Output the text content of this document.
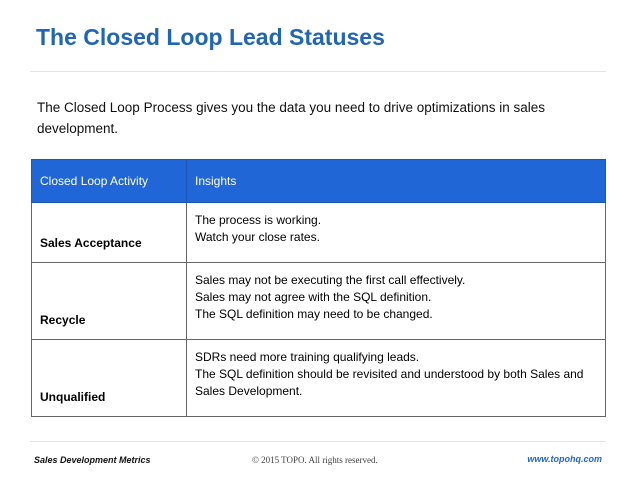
The Closed Loop Lead Statuses
The Closed Loop Process gives you the data you need to drive optimizations in sales development.
Closed Loop Activity	Insights
Sales Acceptance	The process is working.
Watch your close rates.

Recycle	Sales may not be executing the first call effectively.
Sales may not agree with the SQL definition.
The SQL definition may need to be changed.

Unqualified	SDRs need more training qualifying leads.
The SQL definition should be revisited and understood by both Sales and Sales Development.
Sales Development Metrics	© 2015 TOPO. All rights reserved.	www.topohq.com
